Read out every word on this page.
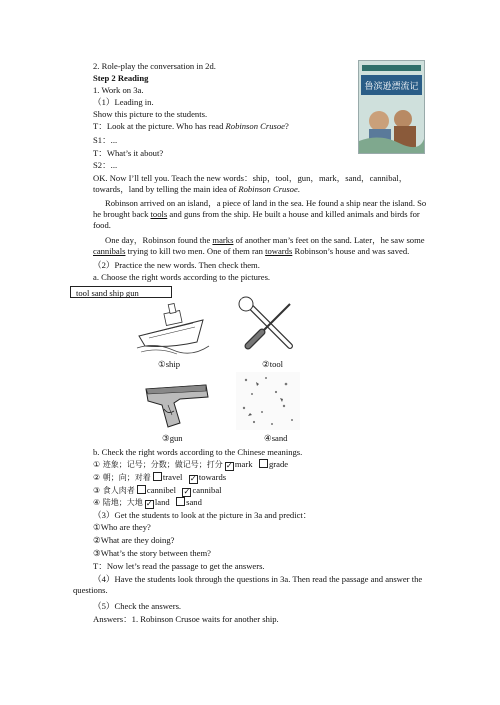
2. Role-play the conversation in 2d.
Step 2 Reading
1. Work on 3a.
（1）Leading in.
Show this picture to the students.
T：Look at the picture. Who has read Robinson Crusoe?
S1：...
T：What’s it about?
S2：...
鲁滨逊漂流记
OK. Now I’ll tell you. Teach the new words：ship，tool，gun，mark，sand，cannibal，towards，land by telling the main idea of Robinson Crusoe.
Robinson arrived on an island，a piece of land in the sea. He found a ship near the island. So he brought back tools and guns from the ship. He built a house and killed animals and birds for food.
One day，Robinson found the marks of another man’s feet on the sand. Later，he saw some cannibals trying to kill two men. One of them ran towards Robinson’s house and was saved.
（2）Practice the new words. Then check them.
a. Choose the right words according to the pictures.
tool sand ship gun
①ship	②tool
③gun	④sand
b. Check the right words according to the Chinese meanings.
① 迹象；记号；分数；做记号；打分 ✓ mark grade
② 朝；向；对着 travel ✓ towards
③ 食人肉者 cannibel ✓ cannibal
④ 陆地；大地 ✓ land sand
（3）Get the students to look at the picture in 3a and predict：
①Who are they?
②What are they doing?
③What’s the story between them?
T：Now let’s read the passage to get the answers.
（4）Have the students look through the questions in 3a. Then read the passage and answer the questions.
（5）Check the answers.
Answers：1. Robinson Crusoe waits for another ship.
